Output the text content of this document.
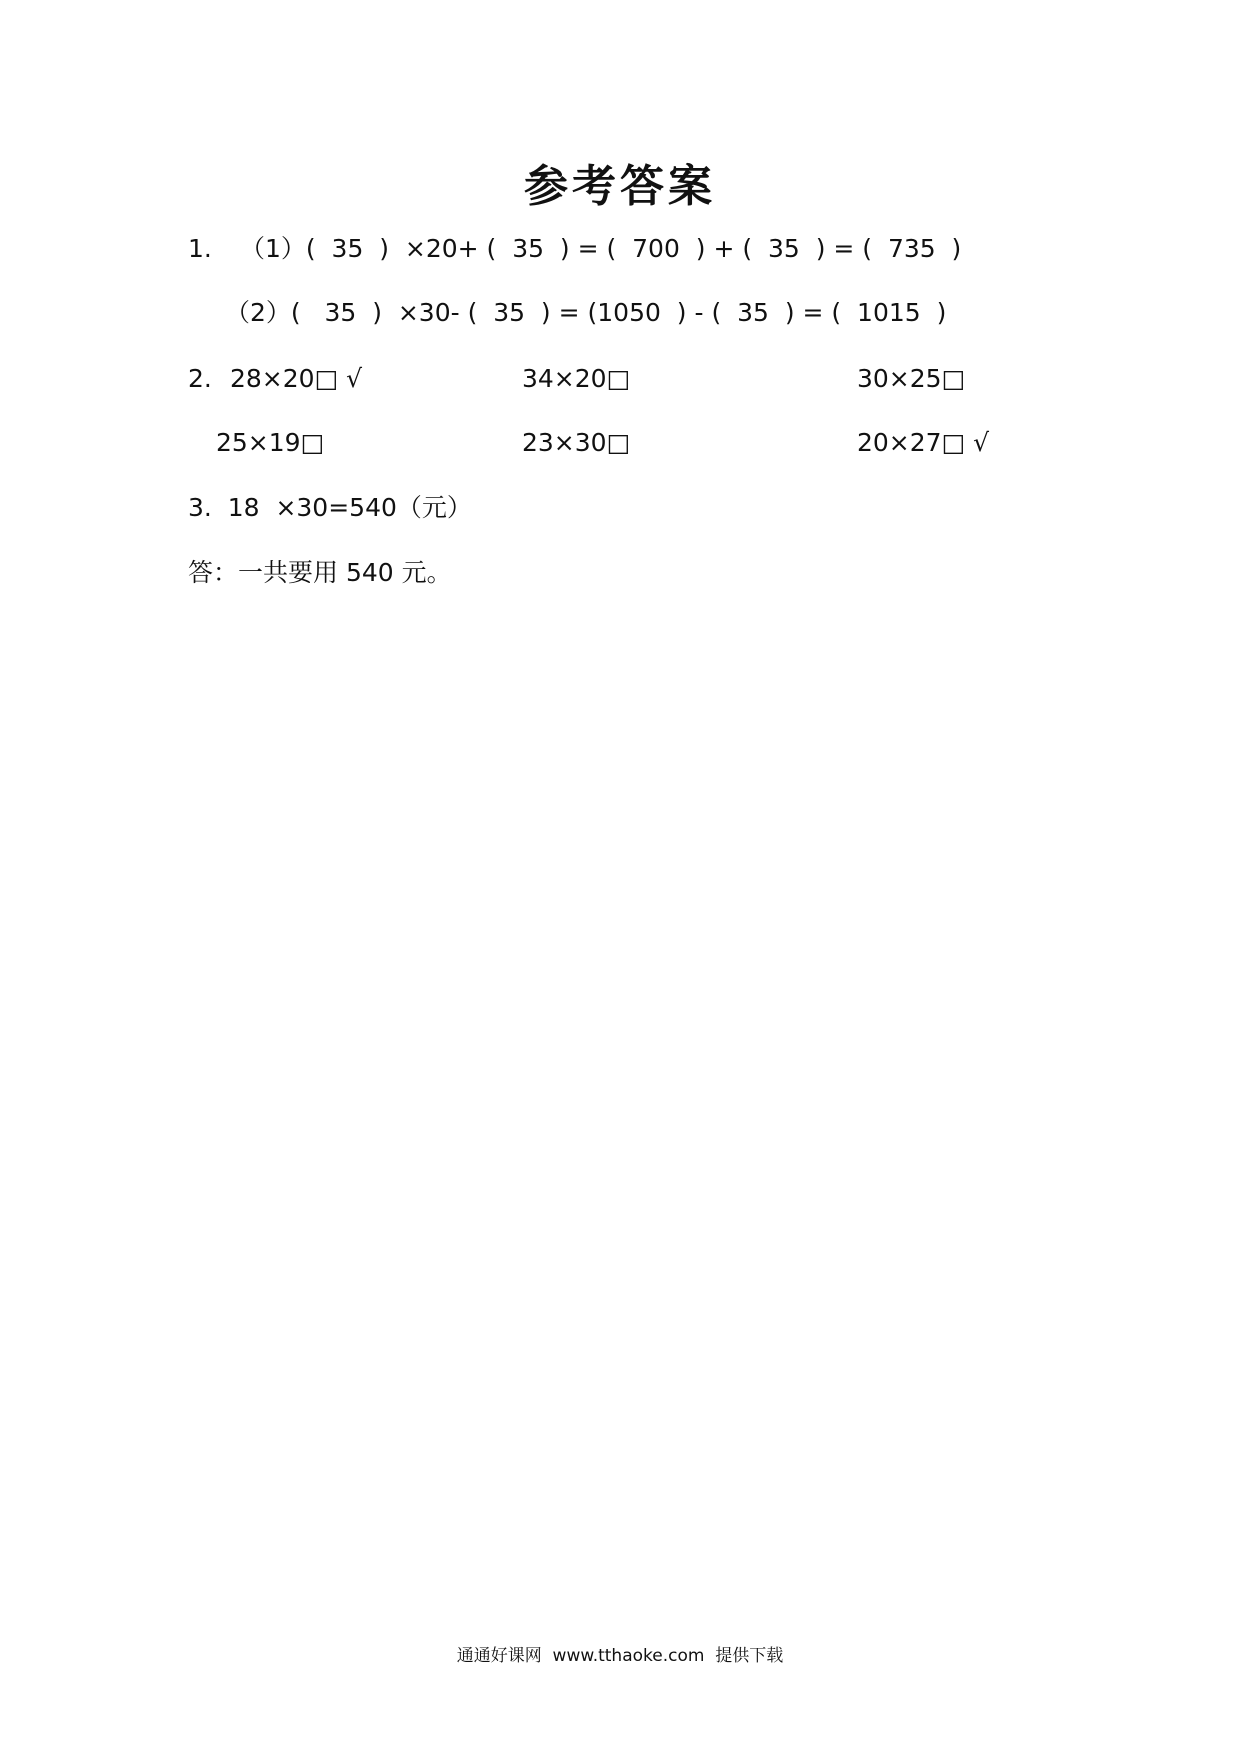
参考答案
1. （1）(  35  )  ×20+ (  35  ) = (  700  ) + (  35  ) = (  735  )
（2）(   35  )  ×30- (  35  ) = (1050  ) - (  35  ) = (  1015  )
2. 28×20□ √	34×20□	30×25□
25×19□	23×30□	20×27□ √
3.  18  ×30=540（元）
答：一共要用 540 元。
通通好课网  www.tthaoke.com  提供下载
